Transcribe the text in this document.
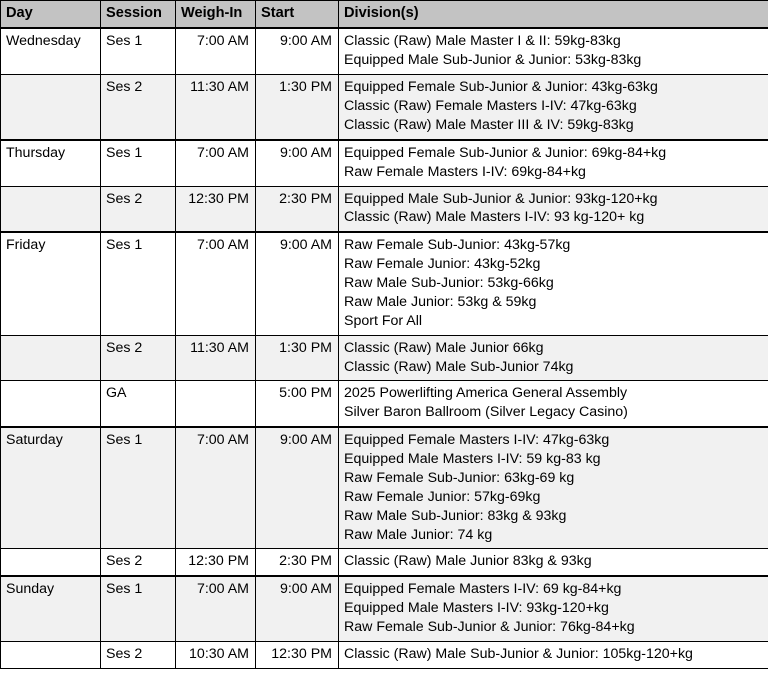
Day	Session	Weigh-In	Start	Division(s)
Wednesday	Ses 1	7:00 AM	9:00 AM	Classic (Raw) Male Master I & II: 59kg-83kg
Equipped Male Sub-Junior & Junior: 53kg-83kg

	Ses 2	11:30 AM	1:30 PM	Equipped Female Sub-Junior & Junior: 43kg-63kg
Classic (Raw) Female Masters I-IV: 47kg-63kg
Classic (Raw) Male Master III & IV: 59kg-83kg

Thursday	Ses 1	7:00 AM	9:00 AM	Equipped Female Sub-Junior & Junior: 69kg-84+kg
Raw Female Masters I-IV: 69kg-84+kg

	Ses 2	12:30 PM	2:30 PM	Equipped Male Sub-Junior & Junior: 93kg-120+kg
Classic (Raw) Male Masters I-IV: 93 kg-120+ kg

Friday	Ses 1	7:00 AM	9:00 AM	Raw Female Sub-Junior: 43kg-57kg
Raw Female Junior: 43kg-52kg
Raw Male Sub-Junior: 53kg-66kg
Raw Male Junior: 53kg & 59kg
Sport For All

	Ses 2	11:30 AM	1:30 PM	Classic (Raw) Male Junior 66kg
Classic (Raw) Male Sub-Junior 74kg

	GA		5:00 PM	2025 Powerlifting America General Assembly
Silver Baron Ballroom (Silver Legacy Casino)

Saturday	Ses 1	7:00 AM	9:00 AM	Equipped Female Masters I-IV: 47kg-63kg
Equipped Male Masters I-IV: 59 kg-83 kg
Raw Female Sub-Junior: 63kg-69 kg
Raw Female Junior: 57kg-69kg
Raw Male Sub-Junior: 83kg & 93kg
Raw Male Junior: 74 kg

	Ses 2	12:30 PM	2:30 PM	Classic (Raw) Male Junior 83kg & 93kg

Sunday	Ses 1	7:00 AM	9:00 AM	Equipped Female Masters I-IV: 69 kg-84+kg
Equipped Male Masters I-IV: 93kg-120+kg
Raw Female Sub-Junior & Junior: 76kg-84+kg

	Ses 2	10:30 AM	12:30 PM	Classic (Raw) Male Sub-Junior & Junior: 105kg-120+kg
